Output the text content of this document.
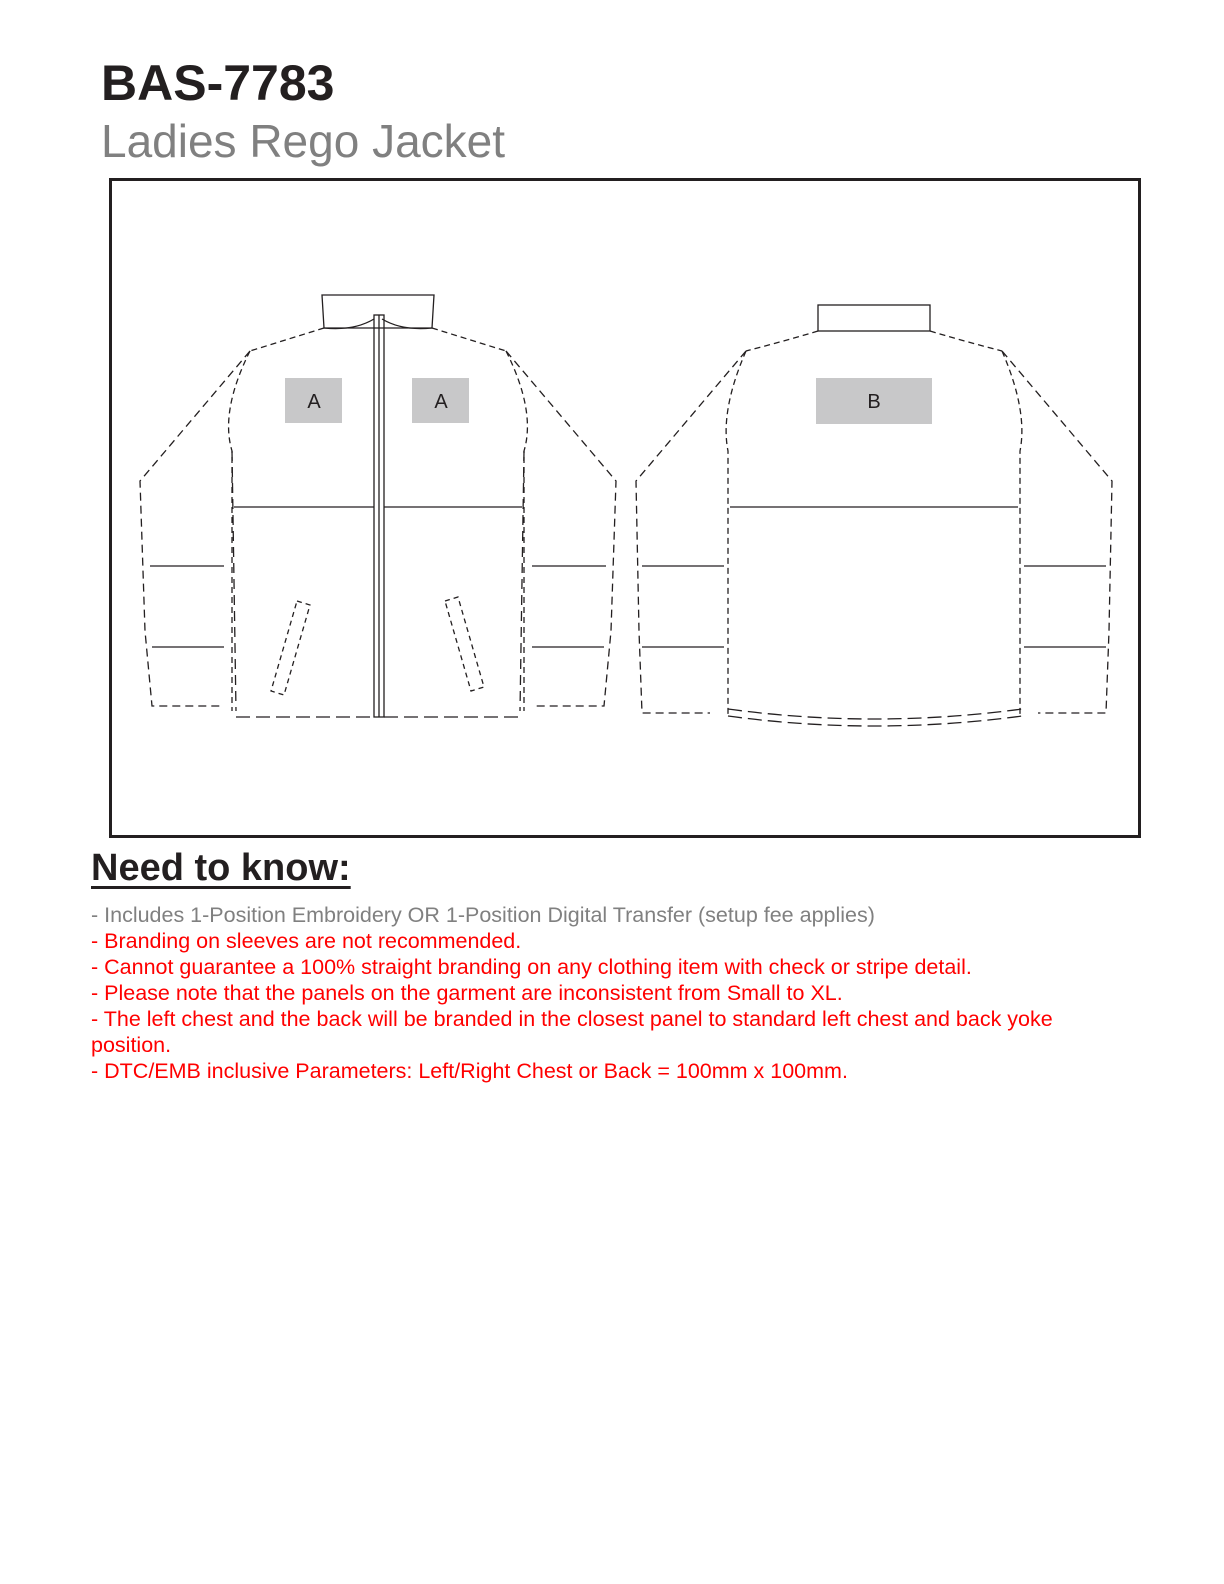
BAS-7783
Ladies Rego Jacket
A	A	B
Need to know:
- Includes 1-Position Embroidery OR 1-Position Digital Transfer (setup fee applies)
- Branding on sleeves are not recommended.
- Cannot guarantee a 100% straight branding on any clothing item with check or stripe detail.
- Please note that the panels on the garment are inconsistent from Small to XL.
- The left chest and the back will be branded in the closest panel to standard left chest and back yoke position.
- DTC/EMB inclusive Parameters: Left/Right Chest or Back = 100mm x 100mm.
